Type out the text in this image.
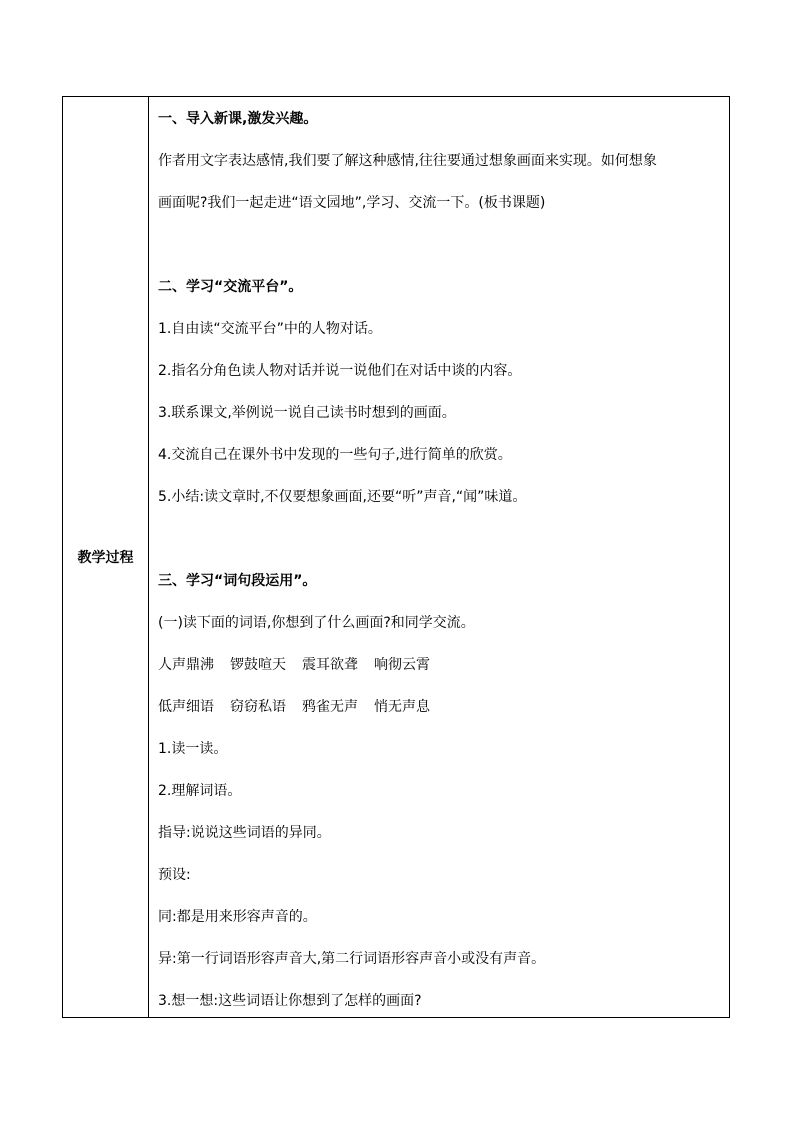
教学过程
一、导入新课,激发兴趣。
作者用文字表达感情,我们要了解这种感情,往往要通过想象画面来实现。如何想象
画面呢?我们一起走进“语文园地”,学习、交流一下。(板书课题)
二、学习“交流平台”。
1.自由读“交流平台”中的人物对话。
2.指名分角色读人物对话并说一说他们在对话中谈的内容。
3.联系课文,举例说一说自己读书时想到的画面。
4.交流自己在课外书中发现的一些句子,进行简单的欣赏。
5.小结:读文章时,不仅要想象画面,还要“听”声音,“闻”味道。
三、学习“词句段运用”。
(一)读下面的词语,你想到了什么画面?和同学交流。
人声鼎沸 锣鼓喧天 震耳欲聋 响彻云霄
低声细语 窃窃私语 鸦雀无声 悄无声息
1.读一读。
2.理解词语。
指导:说说这些词语的异同。
预设:
同:都是用来形容声音的。
异:第一行词语形容声音大,第二行词语形容声音小或没有声音。
3.想一想:这些词语让你想到了怎样的画面?
